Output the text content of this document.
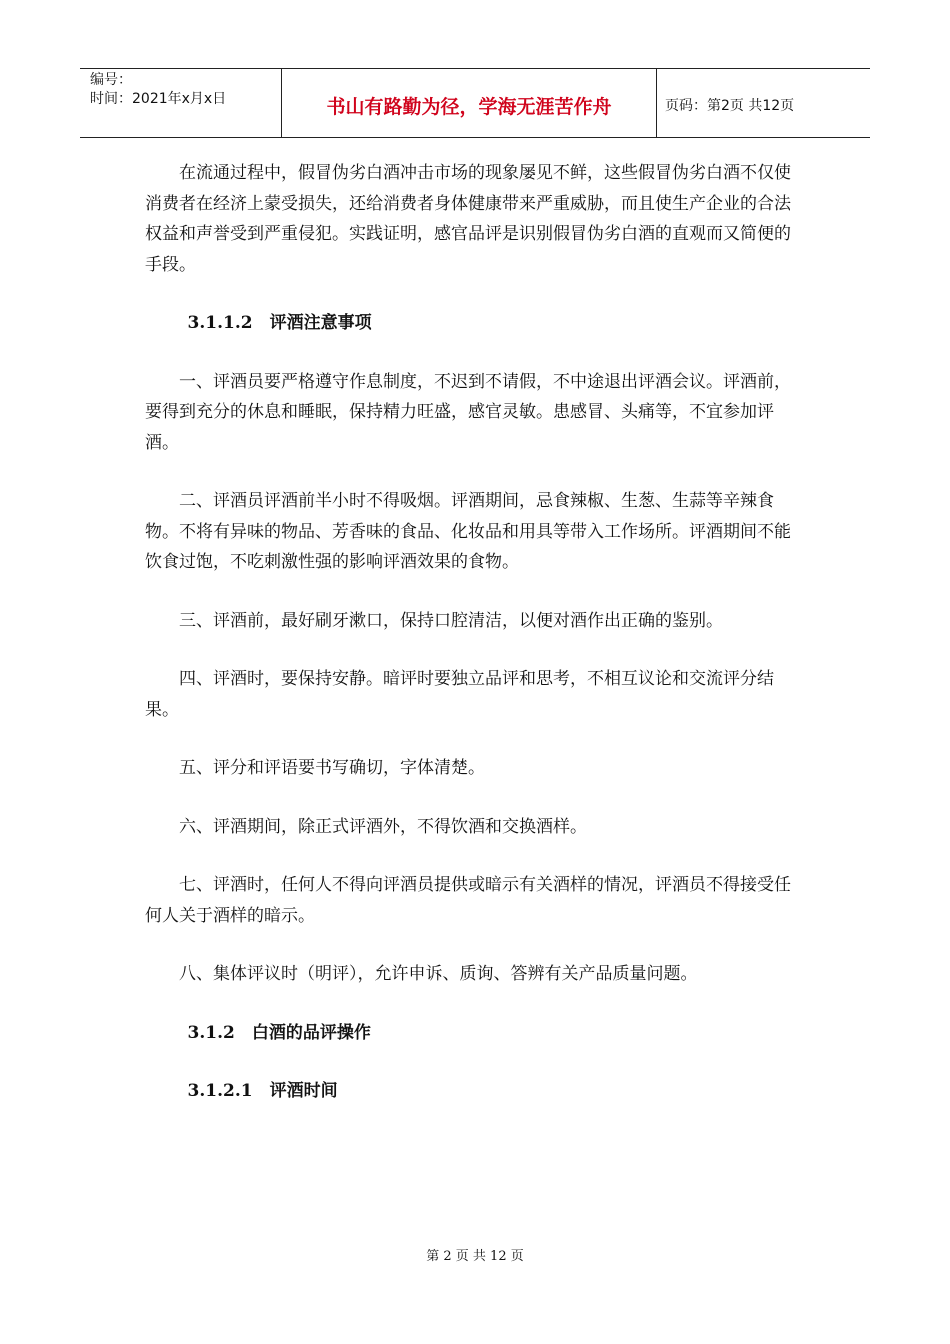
编号：
时间：2021年x月x日	书山有路勤为径，学海无涯苦作舟	页码：第2页 共12页

在流通过程中，假冒伪劣白酒冲击市场的现象屡见不鲜，这些假冒伪劣白酒不仅使消费者在经济上蒙受损失，还给消费者身体健康带来严重威胁，而且使生产企业的合法权益和声誉受到严重侵犯。实践证明，感官品评是识别假冒伪劣白酒的直观而又简便的手段。

3.1.1.2　评酒注意事项

一、评酒员要严格遵守作息制度，不迟到不请假，不中途退出评酒会议。评酒前，要得到充分的休息和睡眠，保持精力旺盛，感官灵敏。患感冒、头痛等，不宜参加评酒。

二、评酒员评酒前半小时不得吸烟。评酒期间，忌食辣椒、生葱、生蒜等辛辣食物。不将有异味的物品、芳香味的食品、化妆品和用具等带入工作场所。评酒期间不能饮食过饱，不吃刺激性强的影响评酒效果的食物。

三、评酒前，最好刷牙漱口，保持口腔清洁，以便对酒作出正确的鉴别。

四、评酒时，要保持安静。暗评时要独立品评和思考，不相互议论和交流评分结果。

五、评分和评语要书写确切，字体清楚。

六、评酒期间，除正式评酒外，不得饮酒和交换酒样。

七、评酒时，任何人不得向评酒员提供或暗示有关酒样的情况，评酒员不得接受任何人关于酒样的暗示。

八、集体评议时（明评），允许申诉、质询、答辨有关产品质量问题。

3.1.2　白酒的品评操作
3.1.2.1　评酒时间
第 2 页 共 12 页
